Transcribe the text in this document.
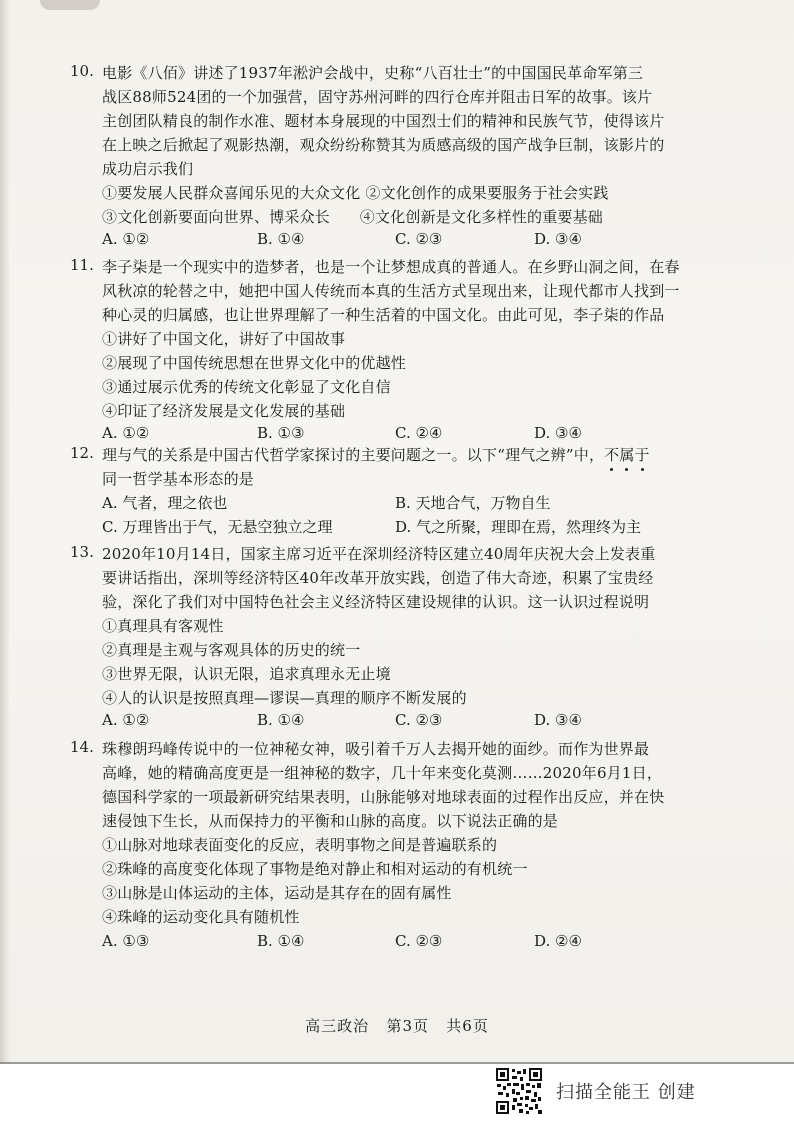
10. 电影《八佰》讲述了1937年淞沪会战中，史称“八百壮士”的中国国民革命军第三
战区88师524团的一个加强营，固守苏州河畔的四行仓库并阻击日军的故事。该片
主创团队精良的制作水准、题材本身展现的中国烈士们的精神和民族气节，使得该片
在上映之后掀起了观影热潮，观众纷纷称赞其为质感高级的国产战争巨制，该影片的
成功启示我们
①要发展人民群众喜闻乐见的大众文化 ②文化创作的成果要服务于社会实践
③文化创新要面向世界、博采众长      ④文化创新是文化多样性的重要基础
A. ①②	B. ①④	C. ②③	D. ③④
11. 李子柒是一个现实中的造梦者，也是一个让梦想成真的普通人。在乡野山洞之间，在春
风秋凉的轮替之中，她把中国人传统而本真的生活方式呈现出来，让现代都市人找到一
种心灵的归属感，也让世界理解了一种生活着的中国文化。由此可见，李子柒的作品
①讲好了中国文化，讲好了中国故事
②展现了中国传统思想在世界文化中的优越性
③通过展示优秀的传统文化彰显了文化自信
④印证了经济发展是文化发展的基础
A. ①②	B. ①③	C. ②④	D. ③④
12. 理与气的关系是中国古代哲学家探讨的主要问题之一。以下“理气之辨”中，不
属
于
同一哲学基本形态的是
A. 气者，理之依也	B. 天地合气，万物自生
C. 万理皆出于气，无悬空独立之理	D. 气之所聚，理即在焉，然理终为主
13. 2020年10月14日，国家主席习近平在深圳经济特区建立40周年庆祝大会上发表重
要讲话指出，深圳等经济特区40年改革开放实践，创造了伟大奇迹，积累了宝贵经
验，深化了我们对中国特色社会主义经济特区建设规律的认识。这一认识过程说明
①真理具有客观性
②真理是主观与客观具体的历史的统一
③世界无限，认识无限，追求真理永无止境
④人的认识是按照真理—谬误—真理的顺序不断发展的
A. ①②	B. ①④	C. ②③	D. ③④
14. 珠穆朗玛峰传说中的一位神秘女神，吸引着千万人去揭开她的面纱。而作为世界最
高峰，她的精确高度更是一组神秘的数字，几十年来变化莫测……2020年6月1日，
德国科学家的一项最新研究结果表明，山脉能够对地球表面的过程作出反应，并在快
速侵蚀下生长，从而保持力的平衡和山脉的高度。以下说法正确的是
①山脉对地球表面变化的反应，表明事物之间是普遍联系的
②珠峰的高度变化体现了事物是绝对静止和相对运动的有机统一
③山脉是山体运动的主体，运动是其存在的固有属性
④珠峰的运动变化具有随机性
A. ①③	B. ①④	C. ②③	D. ②④
高三政治   第3页   共6页
扫描全能王 创建
